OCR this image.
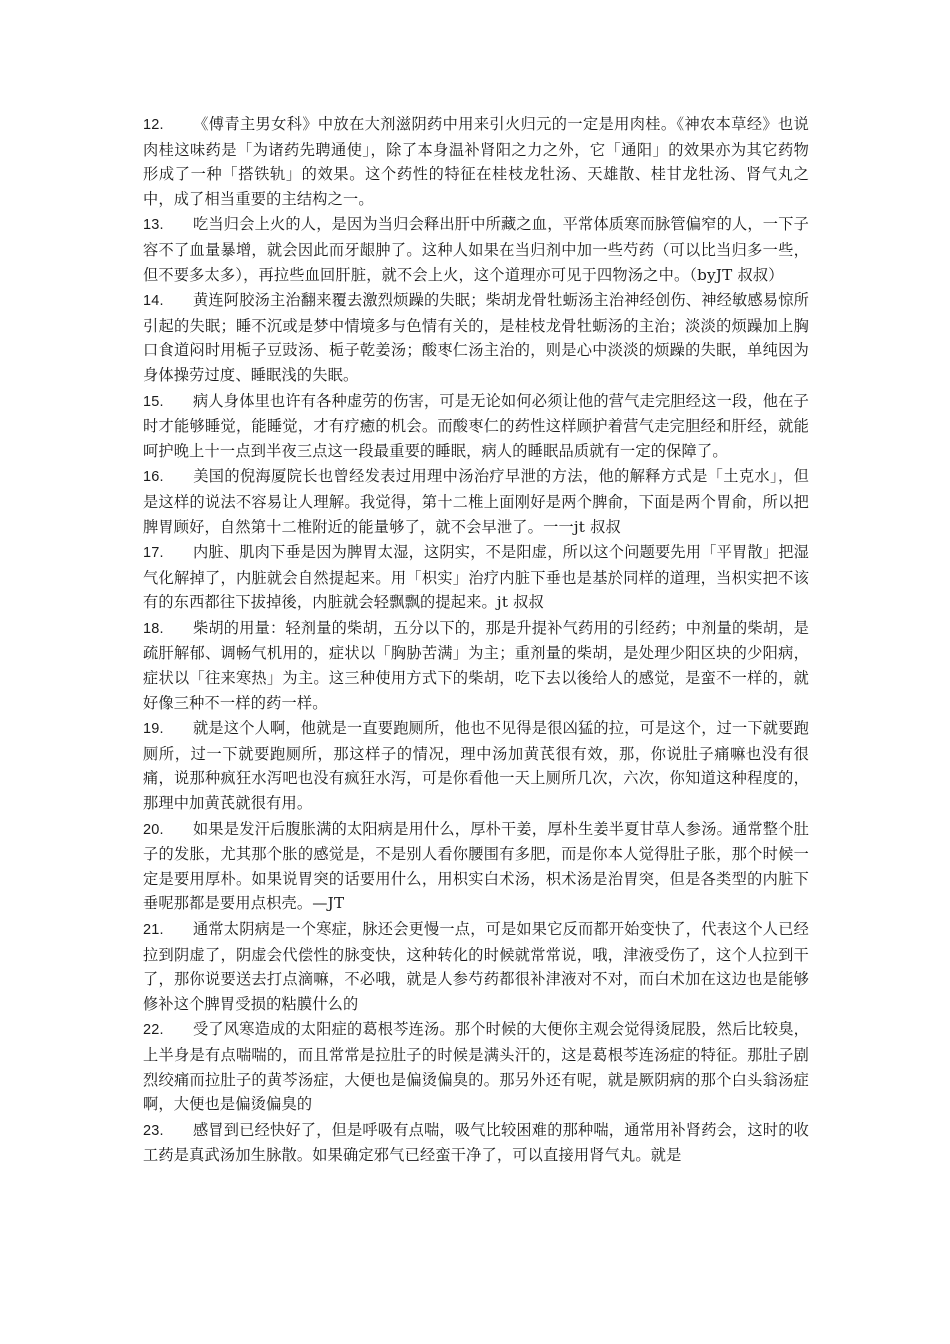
12. 《傅青主男女科》中放在大剂滋阴药中用来引火归元的一定是用肉桂。《神农本草经》也说肉桂这味药是「为诸药先聘通使」，除了本身温补肾阳之力之外，它「通阳」的效果亦为其它药物形成了一种「搭铁轨」的效果。这个药性的特征在桂枝龙牡汤、天雄散、桂甘龙牡汤、肾气丸之中，成了相当重要的主结构之一。

13. 吃当归会上火的人，是因为当归会释出肝中所藏之血，平常体质寒而脉管偏窄的人，一下子容不了血量暴增，就会因此而牙龈肿了。这种人如果在当归剂中加一些芍药（可以比当归多一些，但不要多太多），再拉些血回肝脏，就不会上火，这个道理亦可见于四物汤之中。（byJT 叔叔）

14. 黄连阿胶汤主治翻来覆去激烈烦躁的失眠；柴胡龙骨牡蛎汤主治神经创伤、神经敏感易惊所引起的失眠；睡不沉或是梦中情境多与色情有关的，是桂枝龙骨牡蛎汤的主治；淡淡的烦躁加上胸口食道闷时用栀子豆豉汤、栀子乾姜汤；酸枣仁汤主治的，则是心中淡淡的烦躁的失眠，单纯因为身体操劳过度、睡眠浅的失眠。

15. 病人身体里也许有各种虚劳的伤害，可是无论如何必须让他的营气走完胆经这一段，他在子时才能够睡觉，能睡觉，才有疗癒的机会。而酸枣仁的药性这样顾护着营气走完胆经和肝经，就能呵护晚上十一点到半夜三点这一段最重要的睡眠，病人的睡眠品质就有一定的保障了。

16. 美国的倪海厦院长也曾经发表过用理中汤治疗早泄的方法，他的解释方式是「土克水」，但是这样的说法不容易让人理解。我觉得，第十二椎上面刚好是两个脾俞，下面是两个胃俞，所以把脾胃顾好，自然第十二椎附近的能量够了，就不会早泄了。一一jt 叔叔

17. 内脏、肌肉下垂是因为脾胃太湿，这阴实，不是阳虚，所以这个问题要先用「平胃散」把湿气化解掉了，内脏就会自然提起来。用「枳实」治疗内脏下垂也是基於同样的道理，当枳实把不该有的东西都往下拔掉後，内脏就会轻飘飘的提起来。jt 叔叔

18. 柴胡的用量：轻剂量的柴胡，五分以下的，那是升提补气药用的引经药；中剂量的柴胡，是疏肝解郁、调畅气机用的，症状以「胸胁苦满」为主；重剂量的柴胡，是处理少阳区块的少阳病，症状以「往来寒热」为主。这三种使用方式下的柴胡，吃下去以後给人的感觉，是蛮不一样的，就好像三种不一样的药一样。

19. 就是这个人啊，他就是一直要跑厕所，他也不见得是很凶猛的拉，可是这个，过一下就要跑厕所，过一下就要跑厕所，那这样子的情况，理中汤加黄芪很有效，那，你说肚子痛嘛也没有很痛，说那种疯狂水泻吧也没有疯狂水泻，可是你看他一天上厕所几次，六次，你知道这种程度的，那理中加黄芪就很有用。

20. 如果是发汗后腹胀满的太阳病是用什么，厚朴干姜，厚朴生姜半夏甘草人参汤。通常整个肚子的发胀，尤其那个胀的感觉是，不是别人看你腰围有多肥，而是你本人觉得肚子胀，那个时候一定是要用厚朴。如果说胃突的话要用什么，用枳实白术汤，枳术汤是治胃突，但是各类型的内脏下垂呢那都是要用点枳壳。—JT

21. 通常太阴病是一个寒症，脉还会更慢一点，可是如果它反而都开始变快了，代表这个人已经拉到阴虚了，阴虚会代偿性的脉变快，这种转化的时候就常常说，哦，津液受伤了，这个人拉到干了，那你说要送去打点滴嘛，不必哦，就是人参芍药都很补津液对不对，而白术加在这边也是能够修补这个脾胃受损的粘膜什么的

22. 受了风寒造成的太阳症的葛根芩连汤。那个时候的大便你主观会觉得烫屁股，然后比较臭，上半身是有点喘喘的，而且常常是拉肚子的时候是满头汗的，这是葛根芩连汤症的特征。那肚子剧烈绞痛而拉肚子的黄芩汤症，大便也是偏烫偏臭的。那另外还有呢，就是厥阴病的那个白头翁汤症啊，大便也是偏烫偏臭的

23. 感冒到已经快好了，但是呼吸有点喘，吸气比较困难的那种喘，通常用补肾药会，这时的收工药是真武汤加生脉散。如果确定邪气已经蛮干净了，可以直接用肾气丸。就是
